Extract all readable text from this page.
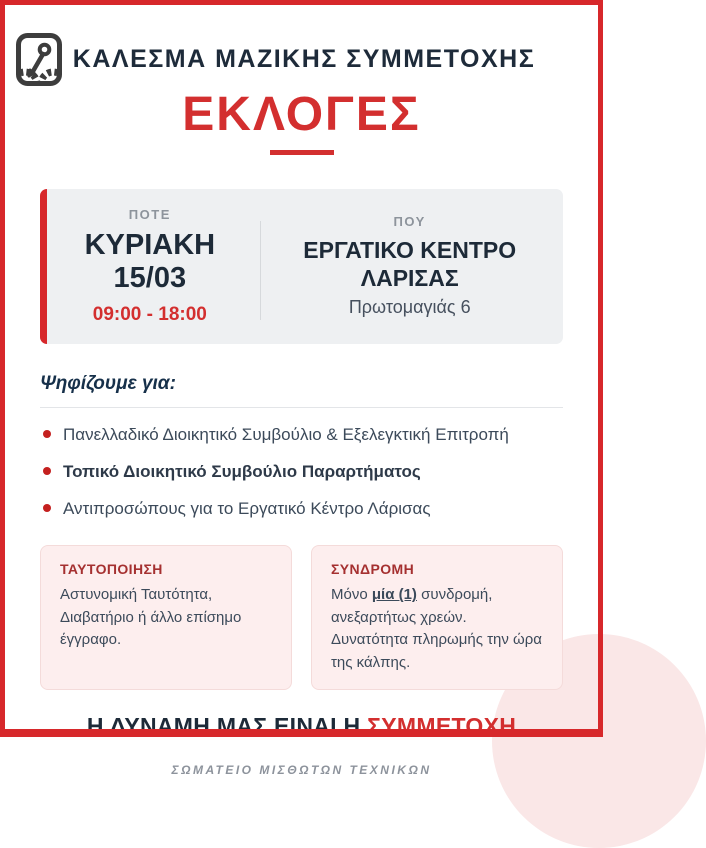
ΚΑΛΕΣΜΑ ΜΑΖΙΚΗΣ ΣΥΜΜΕΤΟΧΗΣ
ΕΚΛΟΓΕΣ
ΠΟΤΕ
ΚΥΡΙΑΚΗ
15/03
09:00 - 18:00
ΠΟΥ
ΕΡΓΑΤΙΚΟ ΚΕΝΤΡΟ ΛΑΡΙΣΑΣ
Πρωτομαγιάς 6
Ψηφίζουμε για:
Πανελλαδικό Διοικητικό Συμβούλιο & Εξελεγκτική Επιτροπή
Τοπικό Διοικητικό Συμβούλιο Παραρτήματος
Αντιπροσώπους για το Εργατικό Κέντρο Λάρισας
ΤΑΥΤΟΠΟΙΗΣΗ
Αστυνομική Ταυτότητα, Διαβατήριο ή άλλο επίσημο έγγραφο.
ΣΥΝΔΡΟΜΗ
Μόνο μία (1) συνδρομή, ανεξαρτήτως χρεών. Δυνατότητα πληρωμής την ώρα της κάλπης.
Η ΔΥΝΑΜΗ ΜΑΣ ΕΙΝΑΙ Η ΣΥΜΜΕΤΟΧΗ
ΣΩΜΑΤΕΙΟ ΜΙΣΘΩΤΩΝ ΤΕΧΝΙΚΩΝ
